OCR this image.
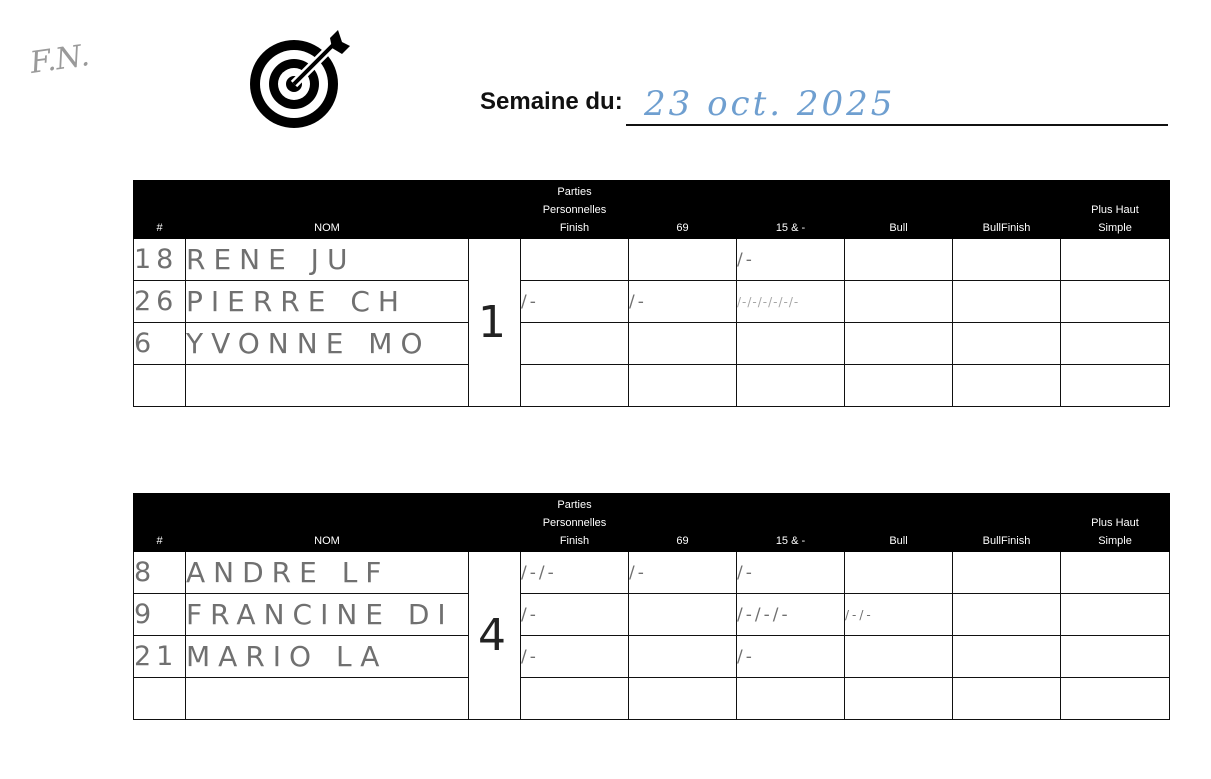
F.N.
Semaine du: 23 oct. 2025
#	NOM		Parties
Personnelles
Finish	69	15 & -	Bull	BullFinish	Plus Haut
Simple
18	RENE JU	1			/-			
26	PIERRE CH		/-	/-	/-/-/-/-/-/-			
6	YVONNE MO							

#	NOM		Parties
Personnelles
Finish	69	15 & -	Bull	BullFinish	Plus Haut
Simple
8	ANDRE LF	4	/-/-	/-	/-			
9	FRANCINE DI		/-		/-/-/-	/-/-		
21	MARIO LA		/-		/-			
